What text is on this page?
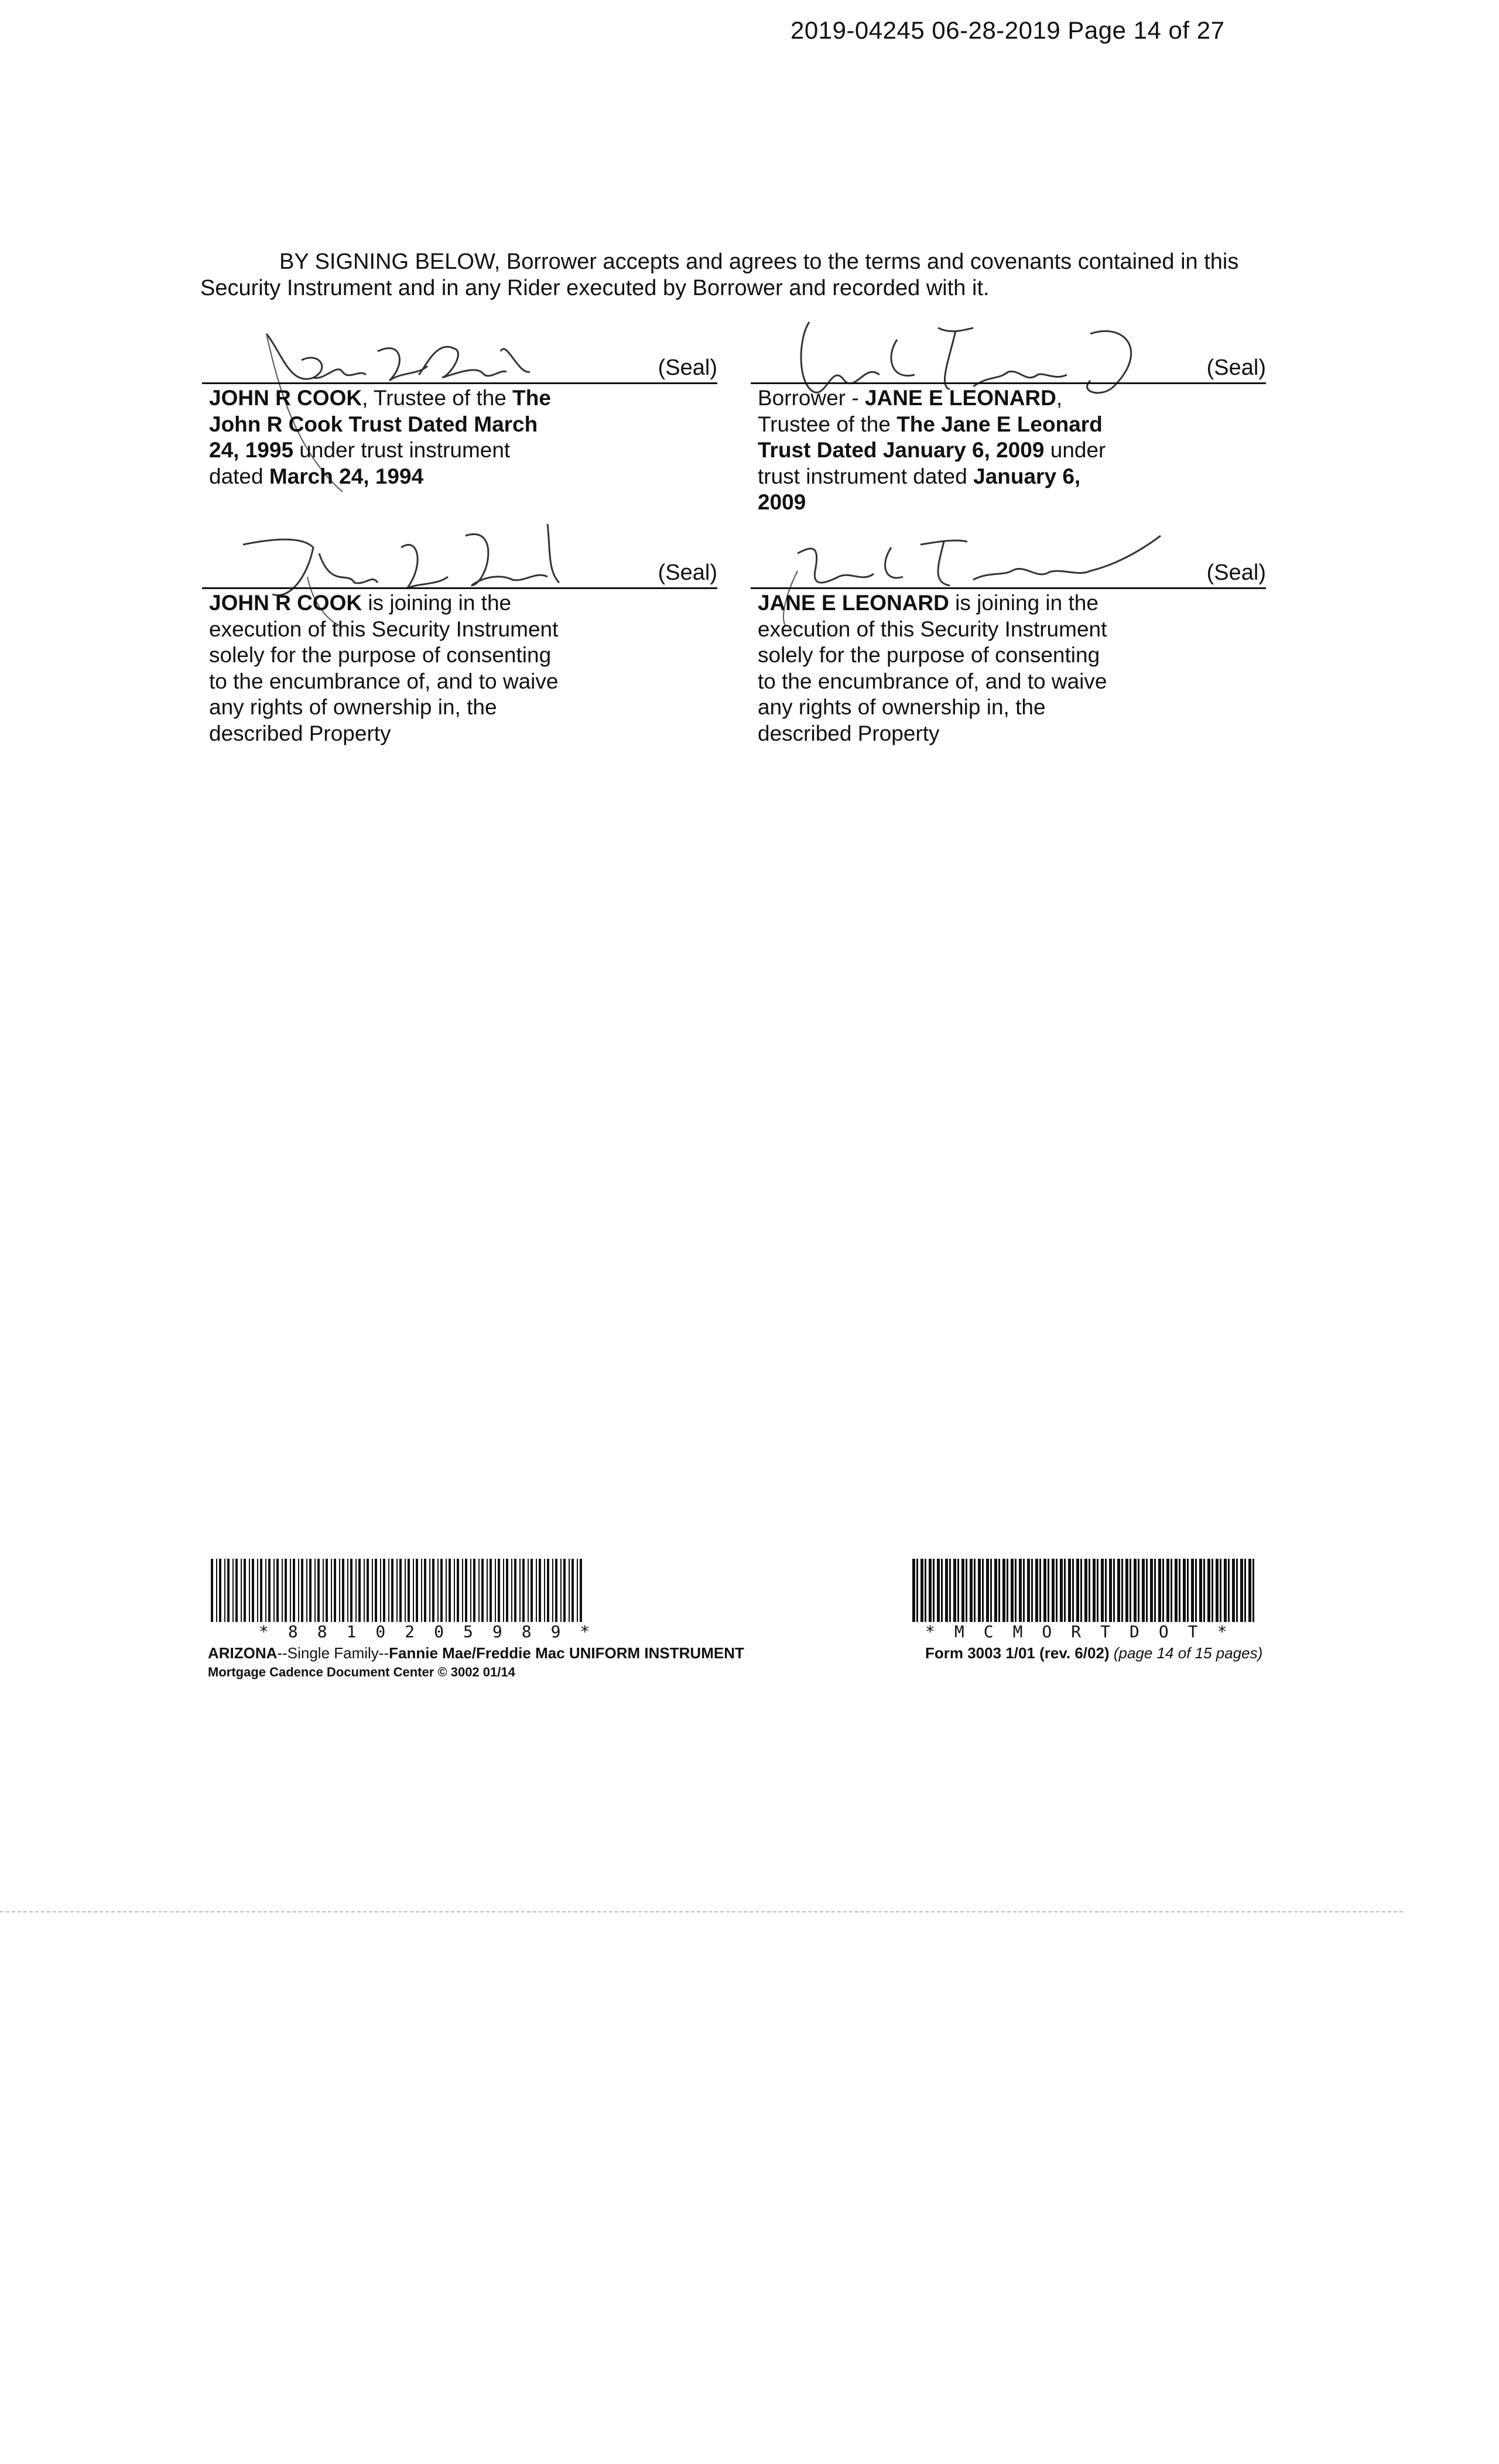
2019-04245 06-28-2019 Page 14 of 27
BY SIGNING BELOW, Borrower accepts and agrees to the terms and covenants contained in this
Security Instrument and in any Rider executed by Borrower and recorded with it.
(Seal)
JOHN R COOK, Trustee of the The
John R Cook Trust Dated March
24, 1995 under trust instrument
dated March 24, 1994
(Seal)
Borrower - JANE E LEONARD,
Trustee of the The Jane E Leonard
Trust Dated January 6, 2009 under
trust instrument dated January 6,
2009
(Seal)
JOHN R COOK is joining in the
execution of this Security Instrument
solely for the purpose of consenting
to the encumbrance of, and to waive
any rights of ownership in, the
described Property
(Seal)
JANE E LEONARD is joining in the
execution of this Security Instrument
solely for the purpose of consenting
to the encumbrance of, and to waive
any rights of ownership in, the
described Property
*8810205989*	*MCMORTDOT*
ARIZONA--Single Family--Fannie Mae/Freddie Mac UNIFORM INSTRUMENT
Mortgage Cadence Document Center © 3002 01/14
Form 3003 1/01 (rev. 6/02) (page 14 of 15 pages)
